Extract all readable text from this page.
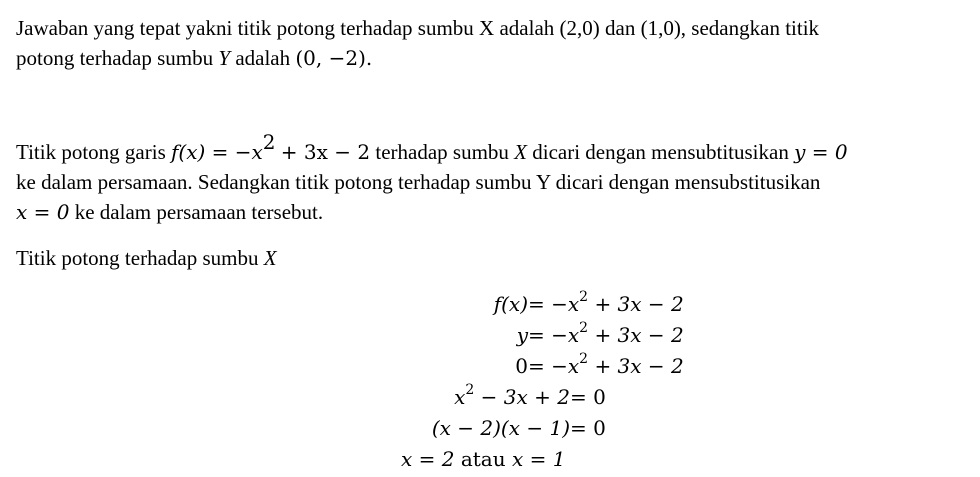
Jawaban yang tepat yakni titik potong terhadap sumbu X adalah (2,0) dan (1,0), sedangkan titik
potong terhadap sumbu Y adalah (0, −2).

Titik potong garis $f(x) = -x^2 + 3x - 2$ terhadap sumbu X dicari dengan mensubtitusikan y = 0
ke dalam persamaan. Sedangkan titik potong terhadap sumbu Y dicari dengan mensubstitusikan
x = 0 ke dalam persamaan tersebut.

Titik potong terhadap sumbu X

$f(x) = -x^2 + 3x - 2$
$y = -x^2 + 3x - 2$
$0 = -x^2 + 3x - 2$
$x^2 - 3x + 2 = 0$
(x − 2)(x − 1) = 0
x = 2 atau x = 1
